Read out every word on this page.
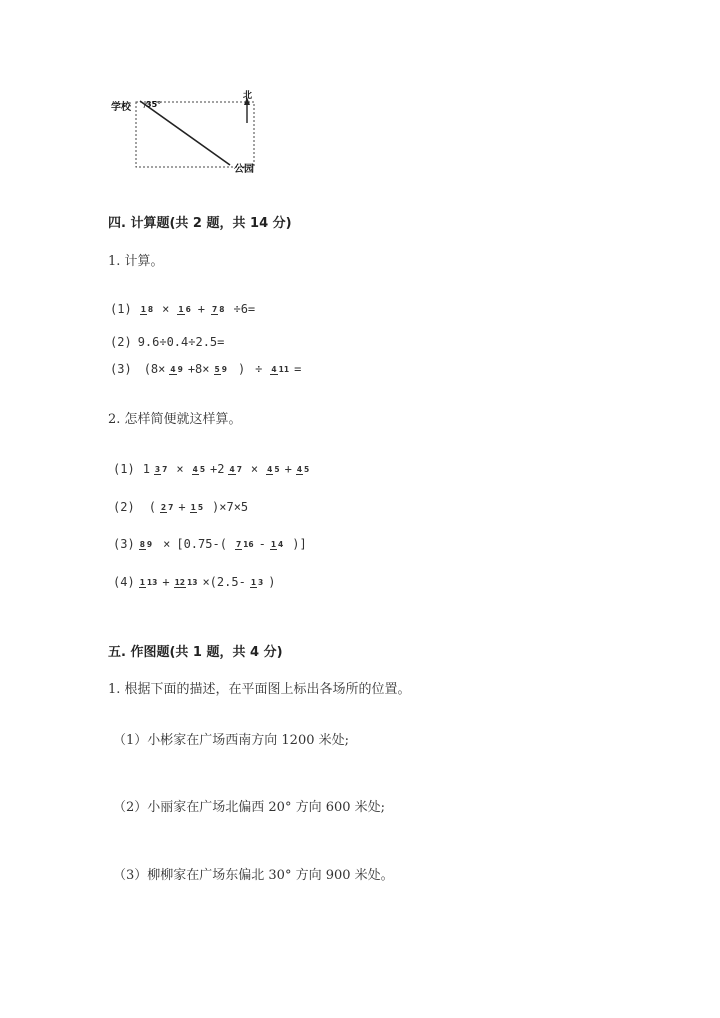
学校 35°
北
公园
四. 计算题(共 2 题，共 14 分)
1. 计算。
(1) 1 8 × 1 6 + 7 8 ÷6=
(2) 9.6÷0.4÷2.5=
(3) (8× 4 9 +8× 5 9 ) ÷ 4 11 =
2. 怎样简便就这样算。
(1) 1 3 7 × 4 5 +2 4 7 × 4 5 + 4 5
(2) ( 2 7 + 1 5 )×7×5
(3) 8 9 × [0.75-( 7 16 - 1 4 )]
(4) 1 13 + 12 13 ×(2.5- 1 3 )
五. 作图题(共 1 题，共 4 分)
1. 根据下面的描述，在平面图上标出各场所的位置。
（1）小彬家在广场西南方向 1200 米处;
（2）小丽家在广场北偏西 20° 方向 600 米处;
（3）柳柳家在广场东偏北 30° 方向 900 米处。
